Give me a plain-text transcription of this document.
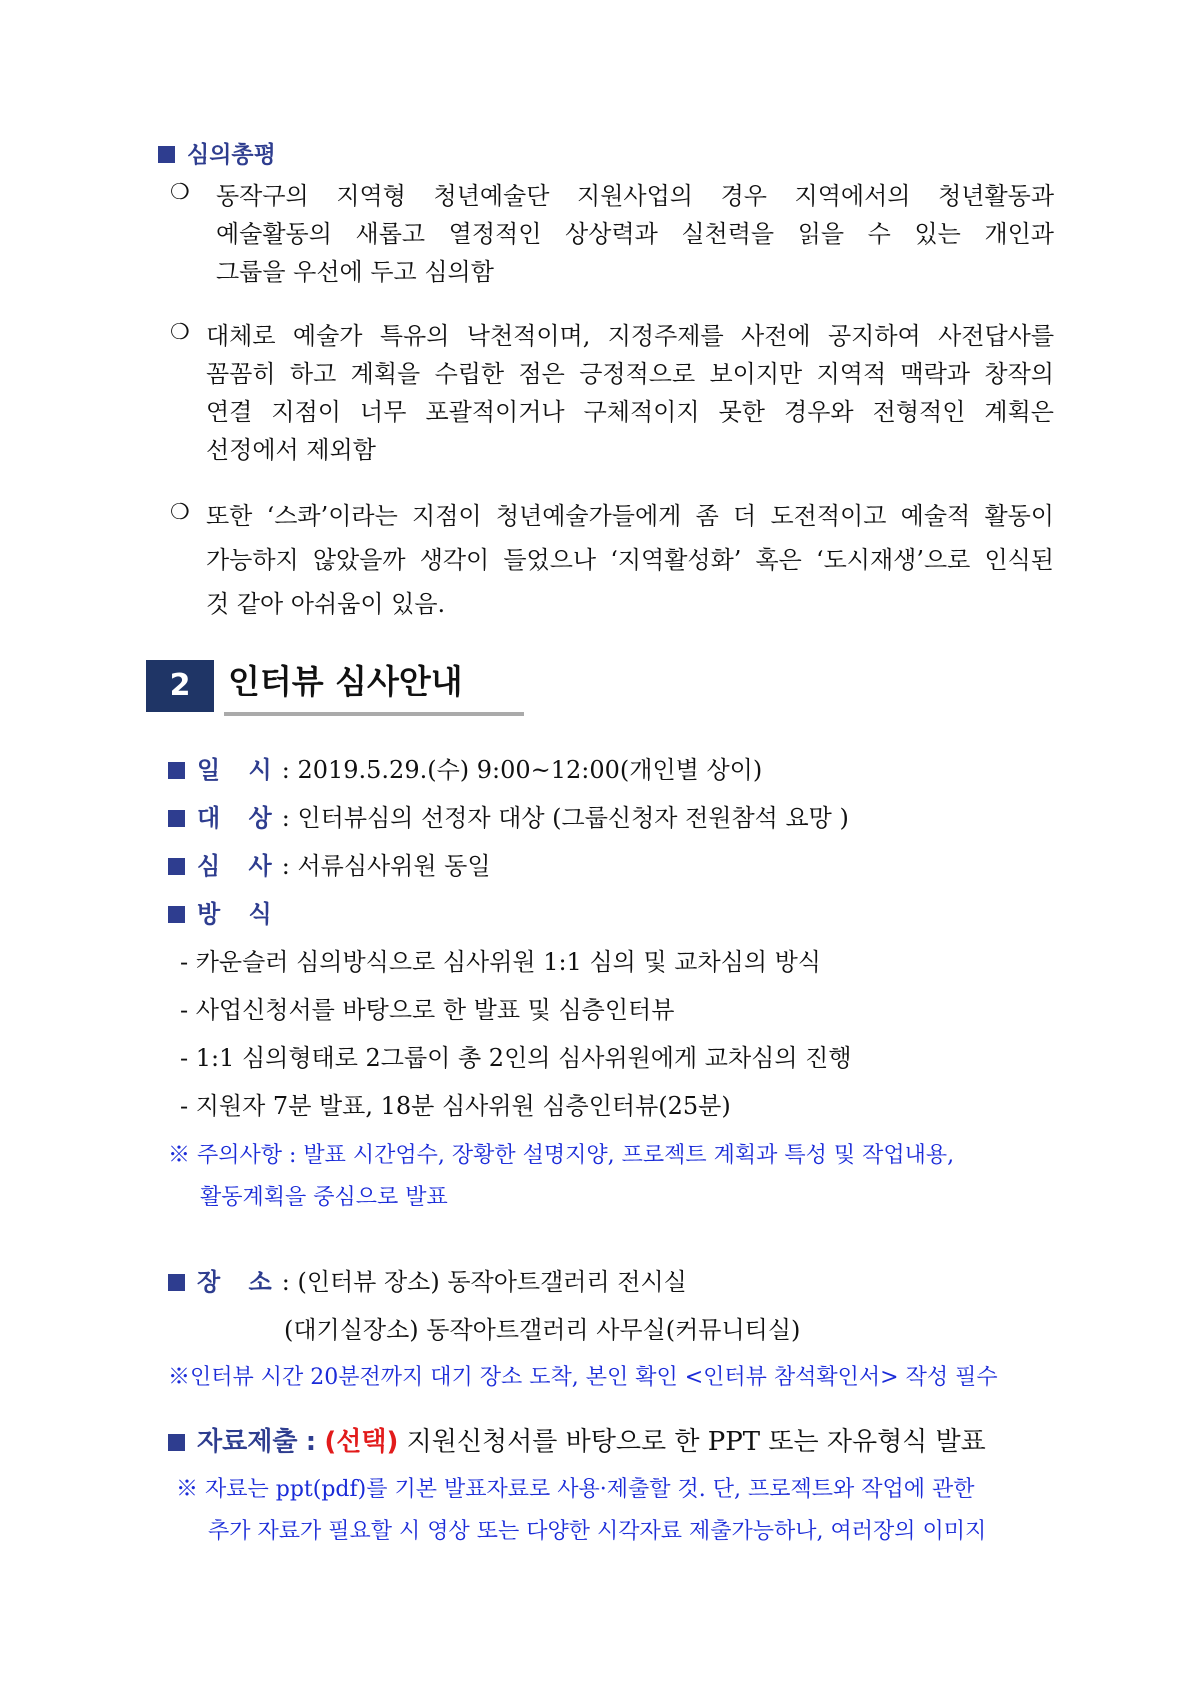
심의총평
❍ 동작구의 지역형 청년예술단 지원사업의 경우 지역에서의 청년활동과
예술활동의 새롭고 열정적인 상상력과 실천력을 읽을 수 있는 개인과
그룹을 우선에 두고 심의함
❍ 대체로 예술가 특유의 낙천적이며, 지정주제를 사전에 공지하여 사전답사를
꼼꼼히 하고 계획을 수립한 점은 긍정적으로 보이지만 지역적 맥락과 창작의
연결 지점이 너무 포괄적이거나 구체적이지 못한 경우와 전형적인 계획은
선정에서 제외함
❍ 또한 ‘스콰’이라는 지점이 청년예술가들에게 좀 더 도전적이고 예술적 활동이
가능하지 않았을까 생각이 들었으나 ‘지역활성화’ 혹은 ‘도시재생’으로 인식된
것 같아 아쉬움이 있음.
2	인터뷰 심사안내
일 시: 2019.5.29.(수) 9:00~12:00(개인별 상이)
대 상: 인터뷰심의 선정자 대상 (그룹신청자 전원참석 요망 )
심 사: 서류심사위원 동일
방 식
- 카운슬러 심의방식으로 심사위원 1:1 심의 및 교차심의 방식
- 사업신청서를 바탕으로 한 발표 및 심층인터뷰
- 1:1 심의형태로 2그룹이 총 2인의 심사위원에게 교차심의 진행
- 지원자 7분 발표, 18분 심사위원 심층인터뷰(25분)
※ 주의사항 : 발표 시간엄수, 장황한 설명지양, 프로젝트 계획과 특성 및 작업내용,
활동계획을 중심으로 발표
장 소: (인터뷰 장소) 동작아트갤러리 전시실
(대기실장소) 동작아트갤러리 사무실(커뮤니티실)
※인터뷰 시간 20분전까지 대기 장소 도착, 본인 확인 <인터뷰 참석확인서> 작성 필수
자료제출 : (선택) 지원신청서를 바탕으로 한 PPT 또는 자유형식 발표
※ 자료는 ppt(pdf)를 기본 발표자료로 사용·제출할 것. 단, 프로젝트와 작업에 관한
추가 자료가 필요할 시 영상 또는 다양한 시각자료 제출가능하나, 여러장의 이미지
